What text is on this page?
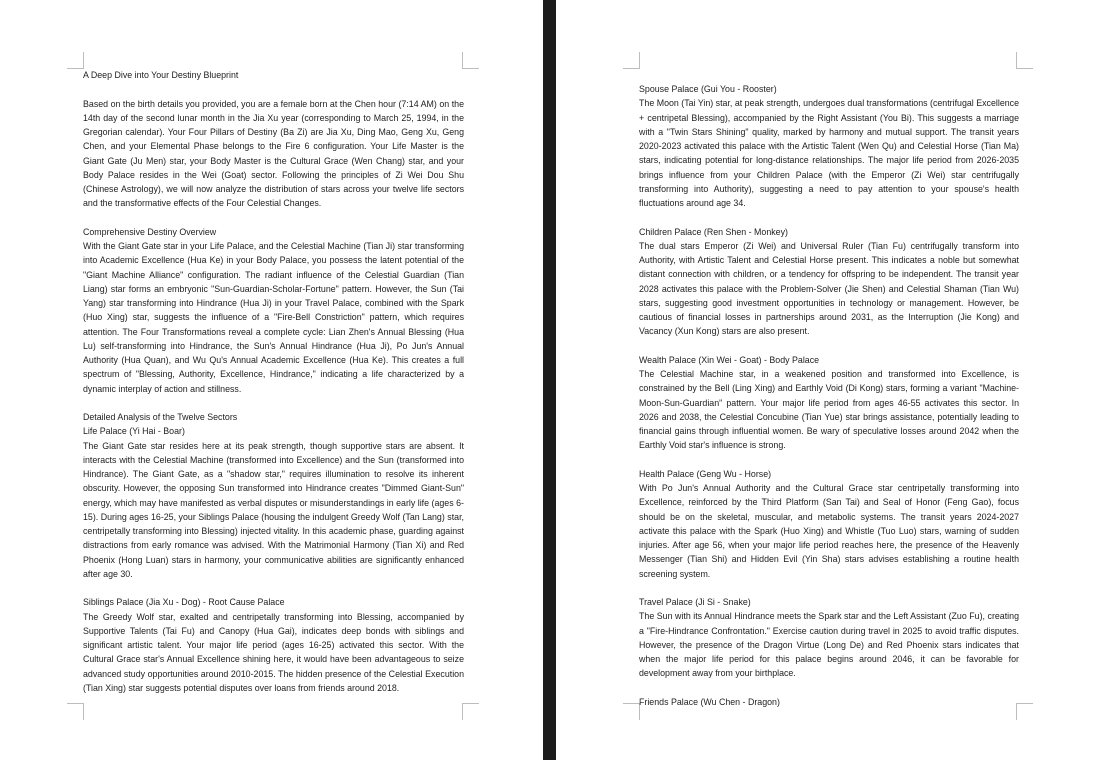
A Deep Dive into Your Destiny Blueprint

Based on the birth details you provided, you are a female born at the Chen hour (7:14 AM) on the 14th day of the second lunar month in the Jia Xu year (corresponding to March 25, 1994, in the Gregorian calendar). Your Four Pillars of Destiny (Ba Zi) are Jia Xu, Ding Mao, Geng Xu, Geng Chen, and your Elemental Phase belongs to the Fire 6 configuration. Your Life Master is the Giant Gate (Ju Men) star, your Body Master is the Cultural Grace (Wen Chang) star, and your Body Palace resides in the Wei (Goat) sector. Following the principles of Zi Wei Dou Shu (Chinese Astrology), we will now analyze the distribution of stars across your twelve life sectors and the transformative effects of the Four Celestial Changes.

Comprehensive Destiny Overview

With the Giant Gate star in your Life Palace, and the Celestial Machine (Tian Ji) star transforming into Academic Excellence (Hua Ke) in your Body Palace, you possess the latent potential of the "Giant Machine Alliance" configuration. The radiant influence of the Celestial Guardian (Tian Liang) star forms an embryonic "Sun-Guardian-Scholar-Fortune" pattern. However, the Sun (Tai Yang) star transforming into Hindrance (Hua Ji) in your Travel Palace, combined with the Spark (Huo Xing) star, suggests the influence of a "Fire-Bell Constriction" pattern, which requires attention. The Four Transformations reveal a complete cycle: Lian Zhen's Annual Blessing (Hua Lu) self-transforming into Hindrance, the Sun's Annual Hindrance (Hua Ji), Po Jun's Annual Authority (Hua Quan), and Wu Qu's Annual Academic Excellence (Hua Ke). This creates a full spectrum of "Blessing, Authority, Excellence, Hindrance," indicating a life characterized by a dynamic interplay of action and stillness.

Detailed Analysis of the Twelve Sectors

Life Palace (Yi Hai - Boar)

The Giant Gate star resides here at its peak strength, though supportive stars are absent. It interacts with the Celestial Machine (transformed into Excellence) and the Sun (transformed into Hindrance). The Giant Gate, as a "shadow star," requires illumination to resolve its inherent obscurity. However, the opposing Sun transformed into Hindrance creates "Dimmed Giant-Sun" energy, which may have manifested as verbal disputes or misunderstandings in early life (ages 6-15). During ages 16-25, your Siblings Palace (housing the indulgent Greedy Wolf (Tan Lang) star, centripetally transforming into Blessing) injected vitality. In this academic phase, guarding against distractions from early romance was advised. With the Matrimonial Harmony (Tian Xi) and Red Phoenix (Hong Luan) stars in harmony, your communicative abilities are significantly enhanced after age 30.

Siblings Palace (Jia Xu - Dog) - Root Cause Palace

The Greedy Wolf star, exalted and centripetally transforming into Blessing, accompanied by Supportive Talents (Tai Fu) and Canopy (Hua Gai), indicates deep bonds with siblings and significant artistic talent. Your major life period (ages 16-25) activated this sector. With the Cultural Grace star's Annual Excellence shining here, it would have been advantageous to seize advanced study opportunities around 2010-2015. The hidden presence of the Celestial Execution (Tian Xing) star suggests potential disputes over loans from friends around 2018.

Spouse Palace (Gui You - Rooster)

The Moon (Tai Yin) star, at peak strength, undergoes dual transformations (centrifugal Excellence + centripetal Blessing), accompanied by the Right Assistant (You Bi). This suggests a marriage with a "Twin Stars Shining" quality, marked by harmony and mutual support. The transit years 2020-2023 activated this palace with the Artistic Talent (Wen Qu) and Celestial Horse (Tian Ma) stars, indicating potential for long-distance relationships. The major life period from 2026-2035 brings influence from your Children Palace (with the Emperor (Zi Wei) star centrifugally transforming into Authority), suggesting a need to pay attention to your spouse's health fluctuations around age 34.

Children Palace (Ren Shen - Monkey)

The dual stars Emperor (Zi Wei) and Universal Ruler (Tian Fu) centrifugally transform into Authority, with Artistic Talent and Celestial Horse present. This indicates a noble but somewhat distant connection with children, or a tendency for offspring to be independent. The transit year 2028 activates this palace with the Problem-Solver (Jie Shen) and Celestial Shaman (Tian Wu) stars, suggesting good investment opportunities in technology or management. However, be cautious of financial losses in partnerships around 2031, as the Interruption (Jie Kong) and Vacancy (Xun Kong) stars are also present.

Wealth Palace (Xin Wei - Goat) - Body Palace

The Celestial Machine star, in a weakened position and transformed into Excellence, is constrained by the Bell (Ling Xing) and Earthly Void (Di Kong) stars, forming a variant "Machine-Moon-Sun-Guardian" pattern. Your major life period from ages 46-55 activates this sector. In 2026 and 2038, the Celestial Concubine (Tian Yue) star brings assistance, potentially leading to financial gains through influential women. Be wary of speculative losses around 2042 when the Earthly Void star's influence is strong.

Health Palace (Geng Wu - Horse)

With Po Jun's Annual Authority and the Cultural Grace star centripetally transforming into Excellence, reinforced by the Third Platform (San Tai) and Seal of Honor (Feng Gao), focus should be on the skeletal, muscular, and metabolic systems. The transit years 2024-2027 activate this palace with the Spark (Huo Xing) and Whistle (Tuo Luo) stars, warning of sudden injuries. After age 56, when your major life period reaches here, the presence of the Heavenly Messenger (Tian Shi) and Hidden Evil (Yin Sha) stars advises establishing a routine health screening system.

Travel Palace (Ji Si - Snake)

The Sun with its Annual Hindrance meets the Spark star and the Left Assistant (Zuo Fu), creating a "Fire-Hindrance Confrontation." Exercise caution during travel in 2025 to avoid traffic disputes. However, the presence of the Dragon Virtue (Long De) and Red Phoenix stars indicates that when the major life period for this palace begins around 2046, it can be favorable for development away from your birthplace.

Friends Palace (Wu Chen - Dragon)
